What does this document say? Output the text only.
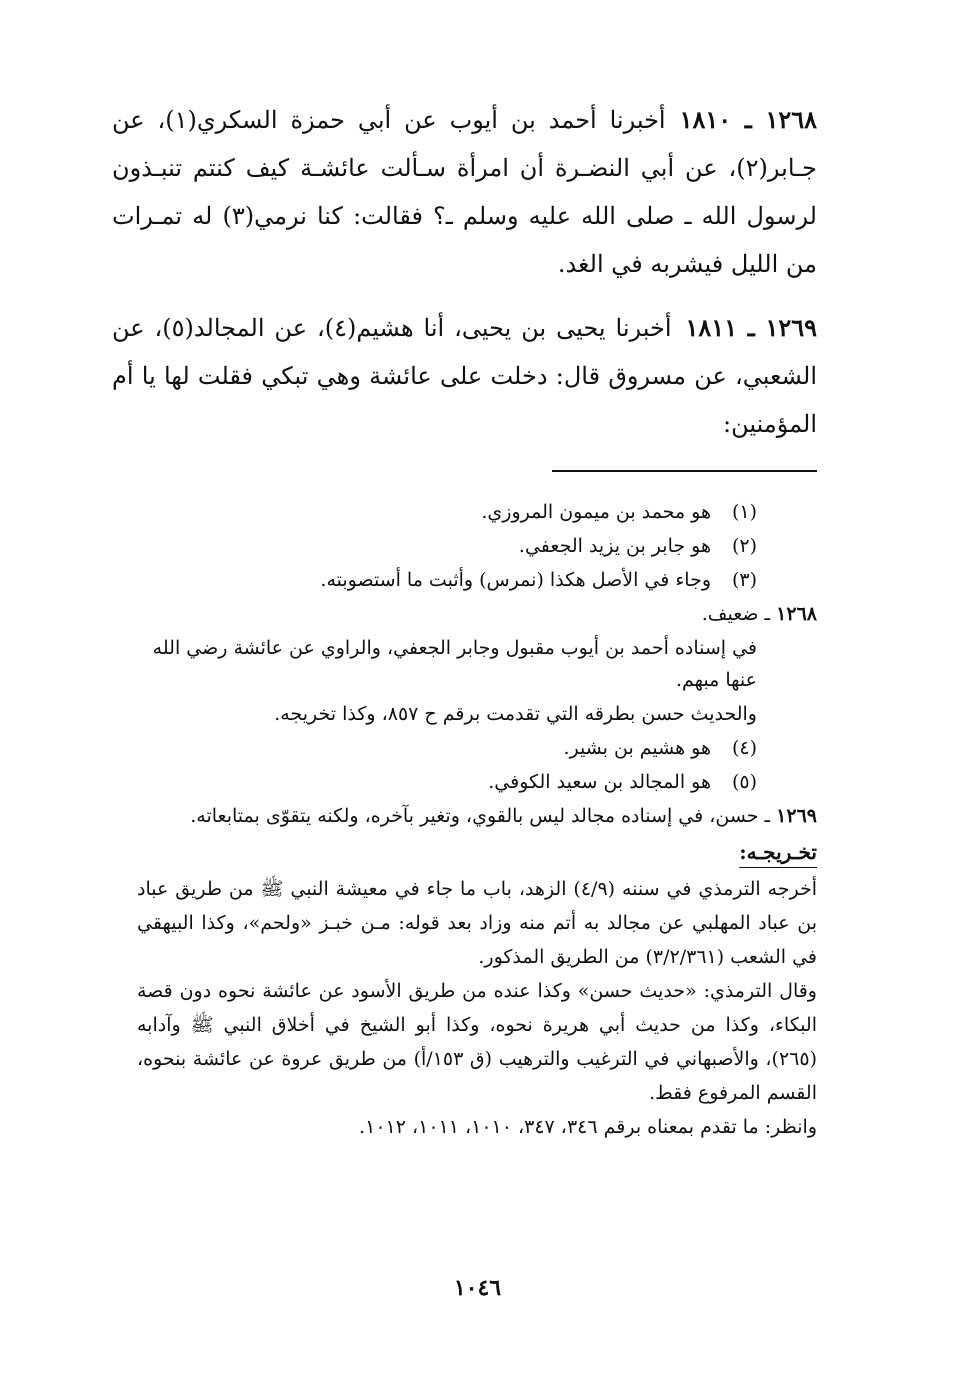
١٢٦٨ ـ ١٨١٠أخبرنا أحمد بن أيوب عن أبي حمزة السكري(١)، عن جـابر(٢)، عن أبي النضـرة أن امرأة سـألت عائشـة كيف كنتم تنبـذون لرسول الله ـ صلى الله عليه وسلم ـ؟ فقالت: كنا نرمي(٣) له تمـرات من الليل فيشربه في الغد.

١٢٦٩ ـ ١٨١١أخبرنا يحيى بن يحيى، أنا هشيم(٤)، عن المجالد(٥)، عن الشعبي، عن مسروق قال: دخلت على عائشة وهي تبكي فقلت لها يا أم المؤمنين:

(١)هو محمد بن ميمون المروزي.
(٢)هو جابر بن يزيد الجعفي.
(٣)وجاء في الأصل هكذا (نمرس) وأثبت ما أستصوبته.
١٢٦٨ ـ ضعيف.
في إسناده أحمد بن أيوب مقبول وجابر الجعفي، والراوي عن عائشة رضي الله عنها مبهم.
والحديث حسن بطرقه التي تقدمت برقم ح ٨٥٧، وكذا تخريجه.
(٤)هو هشيم بن بشير.
(٥)هو المجالد بن سعيد الكوفي.
١٢٦٩ ـ حسن، في إسناده مجالد ليس بالقوي، وتغير بآخره، ولكنه يتقوّى بمتابعاته.
تخـريجـه:

أخرجه الترمذي في سننه (٤/٩) الزهد، باب ما جاء في معيشة النبي ﷺ من طريق عباد بن عباد المهلبي عن مجالد به أتم منه وزاد بعد قوله: مـن خبـز «ولحم»، وكذا البيهقي في الشعب (٣/٢/٣٦١) من الطريق المذكور.

وقال الترمذي: «حديث حسن» وكذا عنده من طريق الأسود عن عائشة نحوه دون قصة البكاء، وكذا من حديث أبي هريرة نحوه، وكذا أبو الشيخ في أخلاق النبي ﷺ وآدابه (٢٦٥)، والأصبهاني في الترغيب والترهيب (ق ١٥٣/أ) من طريق عروة عن عائشة بنحوه، القسم المرفوع فقط.

وانظر: ما تقدم بمعناه برقم ٣٤٦، ٣٤٧، ١٠١٠، ١٠١١، ١٠١٢.

١٠٤٦
